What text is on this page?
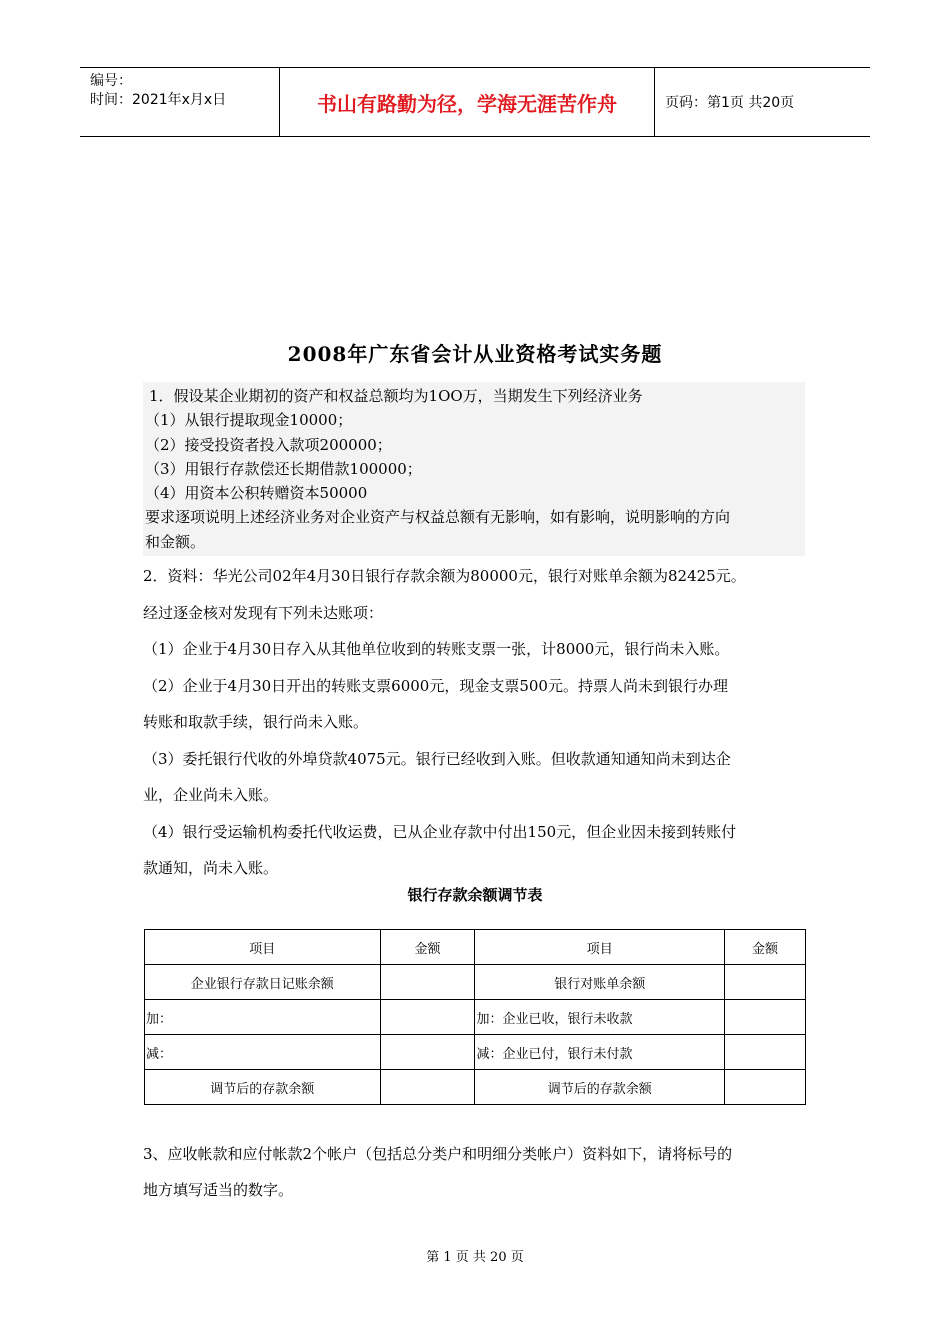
编号：
时间：2021年x月x日	书山有路勤为径，学海无涯苦作舟	页码：第1页 共20页
2008年广东省会计从业资格考试实务题
1．假设某企业期初的资产和权益总额均为1OO万，当期发生下列经济业务
（1）从银行提取现金10000；
（2）接受投资者投入款项200000；
（3）用银行存款偿还长期借款100000；
（4）用资本公积转赠资本50000
要求逐项说明上述经济业务对企业资产与权益总额有无影响，如有影响，说明影响的方向
和金额。
2．资料：华光公司02年4月30日银行存款余额为80000元，银行对账单余额为82425元。
经过逐金核对发现有下列未达账项：
（1）企业于4月30日存入从其他单位收到的转账支票一张，计8000元，银行尚未入账。
（2）企业于4月30日开出的转账支票6000元，现金支票500元。持票人尚未到银行办理
转账和取款手续，银行尚未入账。
（3）委托银行代收的外埠贷款4075元。银行已经收到入账。但收款通知通知尚未到达企
业，企业尚未入账。
（4）银行受运输机构委托代收运费，已从企业存款中付出150元，但企业因未接到转账付
款通知，尚未入账。
银行存款余额调节表
项目	金额	项目	金额
企业银行存款日记账余额		银行对账单余额	
加：		加：企业已收，银行未收款	
减：		减：企业已付，银行未付款	
调节后的存款余额		调节后的存款余额	
3、应收帐款和应付帐款2个帐户（包括总分类户和明细分类帐户）资料如下，请将标号的
地方填写适当的数字。
第 1 页 共 20 页
